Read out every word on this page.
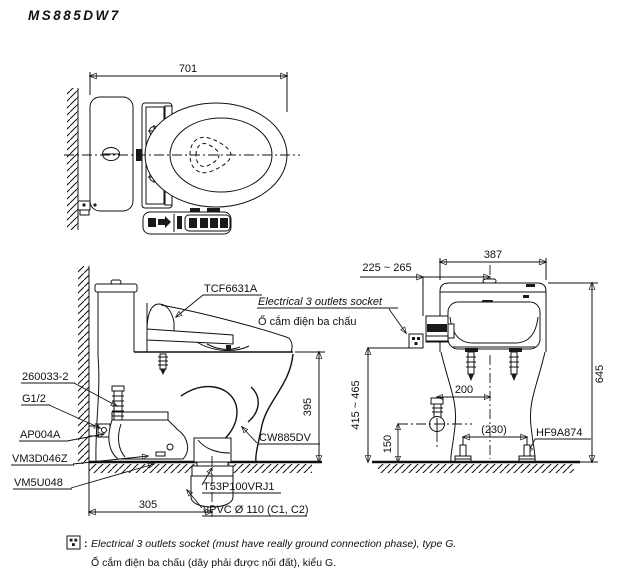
MS885DW7
701
260033-2
G1/2
AP004A
VM3D046Z
VM5U048
TCF6631A
Electrical 3 outlets socket
Ổ cắm điện ba chấu
CW885DV
T53P100VRJ1
uPVC Ø 110 (C1, C2)
305
395
150
200
415 ~ 465
225 ~ 265
387
645
(230)	HF9A874
: Electrical 3 outlets socket (must have really ground connection phase), type G.
Ổ cắm điện ba chấu (dây phải được nối đất), kiểu G.
